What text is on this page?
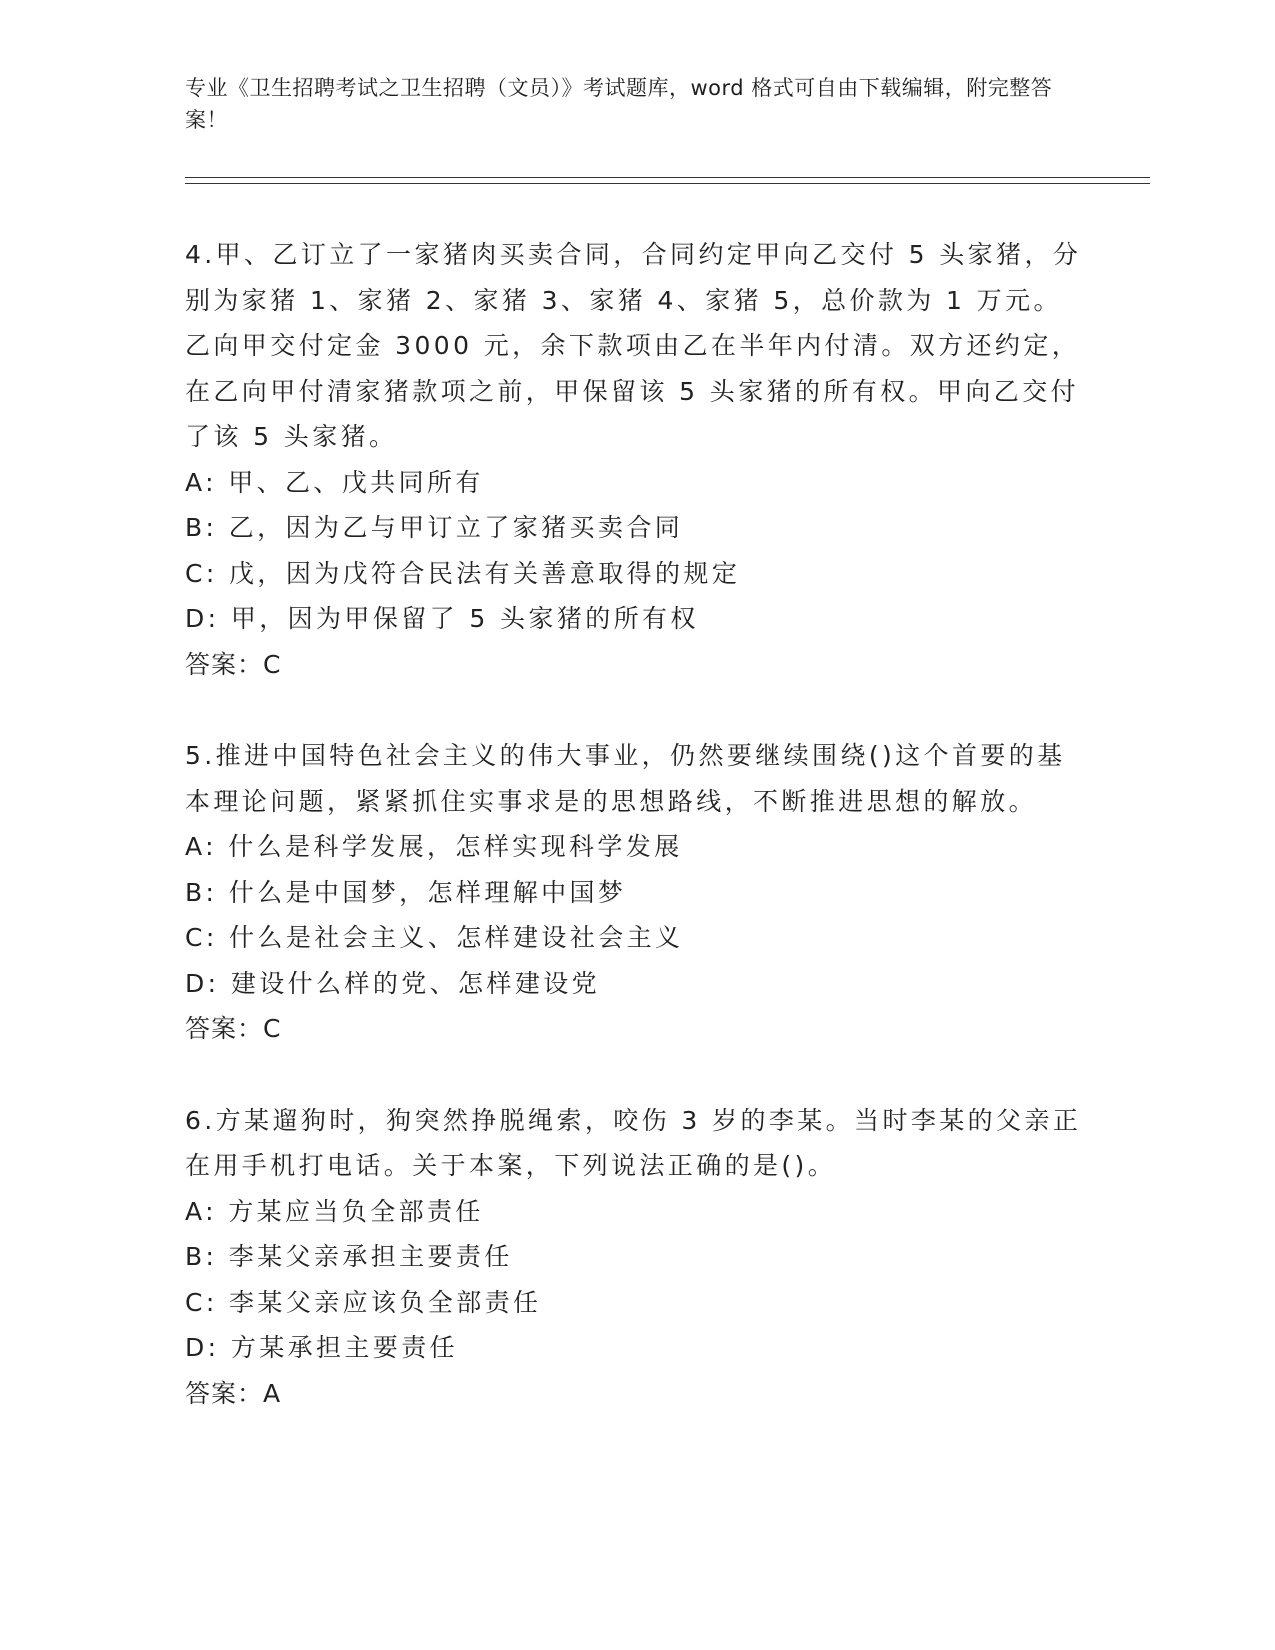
专业《卫生招聘考试之卫生招聘（文员）》考试题库，word 格式可自由下载编辑，附完整答案！

4.甲、乙订立了一家猪肉买卖合同，合同约定甲向乙交付 5 头家猪，分别为家猪 1、家猪 2、家猪 3、家猪 4、家猪 5，总价款为 1 万元。乙向甲交付定金 3000 元，余下款项由乙在半年内付清。双方还约定，在乙向甲付清家猪款项之前，甲保留该 5 头家猪的所有权。甲向乙交付了该 5 头家猪。

A: 甲、乙、戊共同所有
B: 乙，因为乙与甲订立了家猪买卖合同
C: 戊，因为戊符合民法有关善意取得的规定
D: 甲，因为甲保留了 5 头家猪的所有权

答案：C

5.推进中国特色社会主义的伟大事业，仍然要继续围绕()这个首要的基本理论问题，紧紧抓住实事求是的思想路线，不断推进思想的解放。

A: 什么是科学发展，怎样实现科学发展
B: 什么是中国梦，怎样理解中国梦
C: 什么是社会主义、怎样建设社会主义
D: 建设什么样的党、怎样建设党

答案：C

6.方某遛狗时，狗突然挣脱绳索，咬伤 3 岁的李某。当时李某的父亲正在用手机打电话。关于本案，下列说法正确的是()。

A: 方某应当负全部责任
B: 李某父亲承担主要责任
C: 李某父亲应该负全部责任
D: 方某承担主要责任

答案：A
